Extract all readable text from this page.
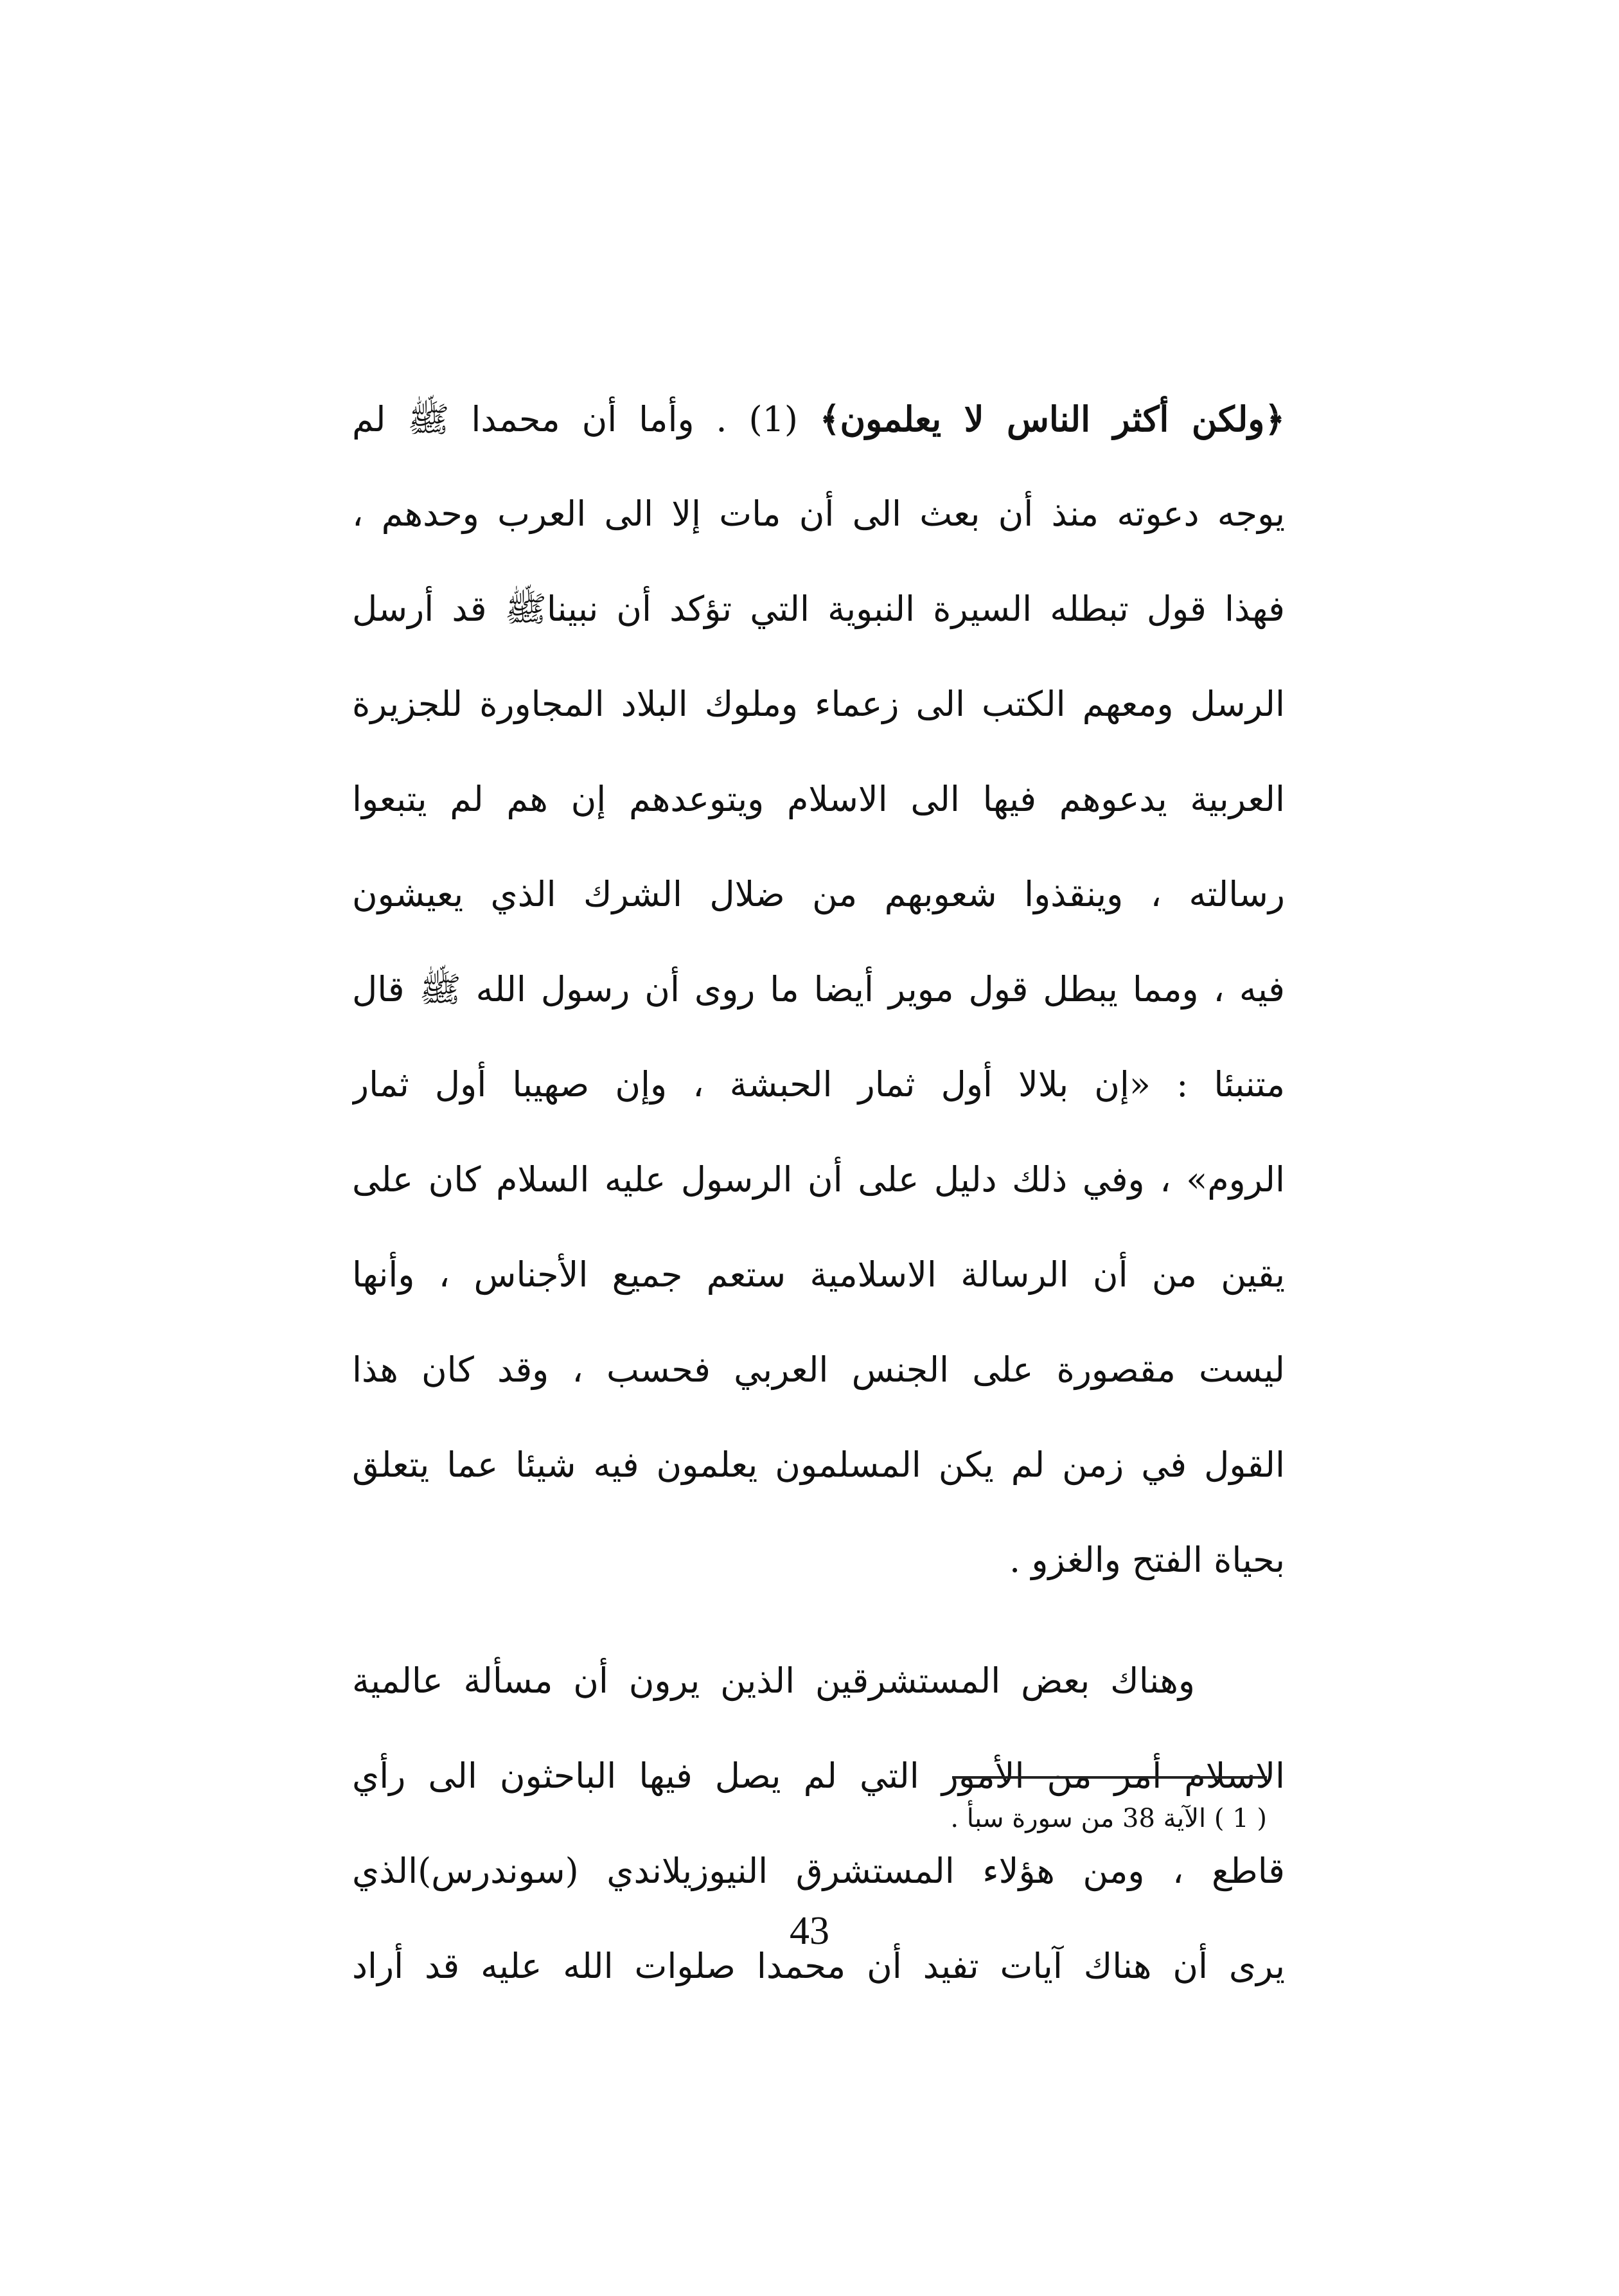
﴿ولكن أكثر الناس لا يعلمون﴾ (1) . وأما أن محمدا ﷺ لم
يوجه دعوته منذ أن بعث الى أن مات إلا الى العرب وحدهم ،
فهذا قول تبطله السيرة النبوية التي تؤكد أن نبيناﷺ قد أرسل
الرسل ومعهم الكتب الى زعماء وملوك البلاد المجاورة للجزيرة
العربية يدعوهم فيها الى الاسلام ويتوعدهم إن هم لم يتبعوا
رسالته ، وينقذوا شعوبهم من ضلال الشرك الذي يعيشون
فيه ، ومما يبطل قول موير أيضا ما روى أن رسول الله ﷺ قال
متنبئا : «إن بلالا أول ثمار الحبشة ، وإن صهيبا أول ثمار
الروم» ، وفي ذلك دليل على أن الرسول عليه السلام كان على
يقين من أن الرسالة الاسلامية ستعم جميع الأجناس ، وأنها
ليست مقصورة على الجنس العربي فحسب ، وقد كان هذا
القول في زمن لم يكن المسلمون يعلمون فيه شيئا عما يتعلق
بحياة الفتح والغزو .
وهناك بعض المستشرقين الذين يرون أن مسألة عالمية
الاسلام أمر من الأمور التي لم يصل فيها الباحثون الى رأي
قاطع ، ومن هؤلاء المستشرق النيوزيلاندي (سوندرس)الذي
يرى أن هناك آيات تفيد أن محمدا صلوات الله عليه قد أراد
( 1 ) الآية 38 من سورة سبأ .
43
